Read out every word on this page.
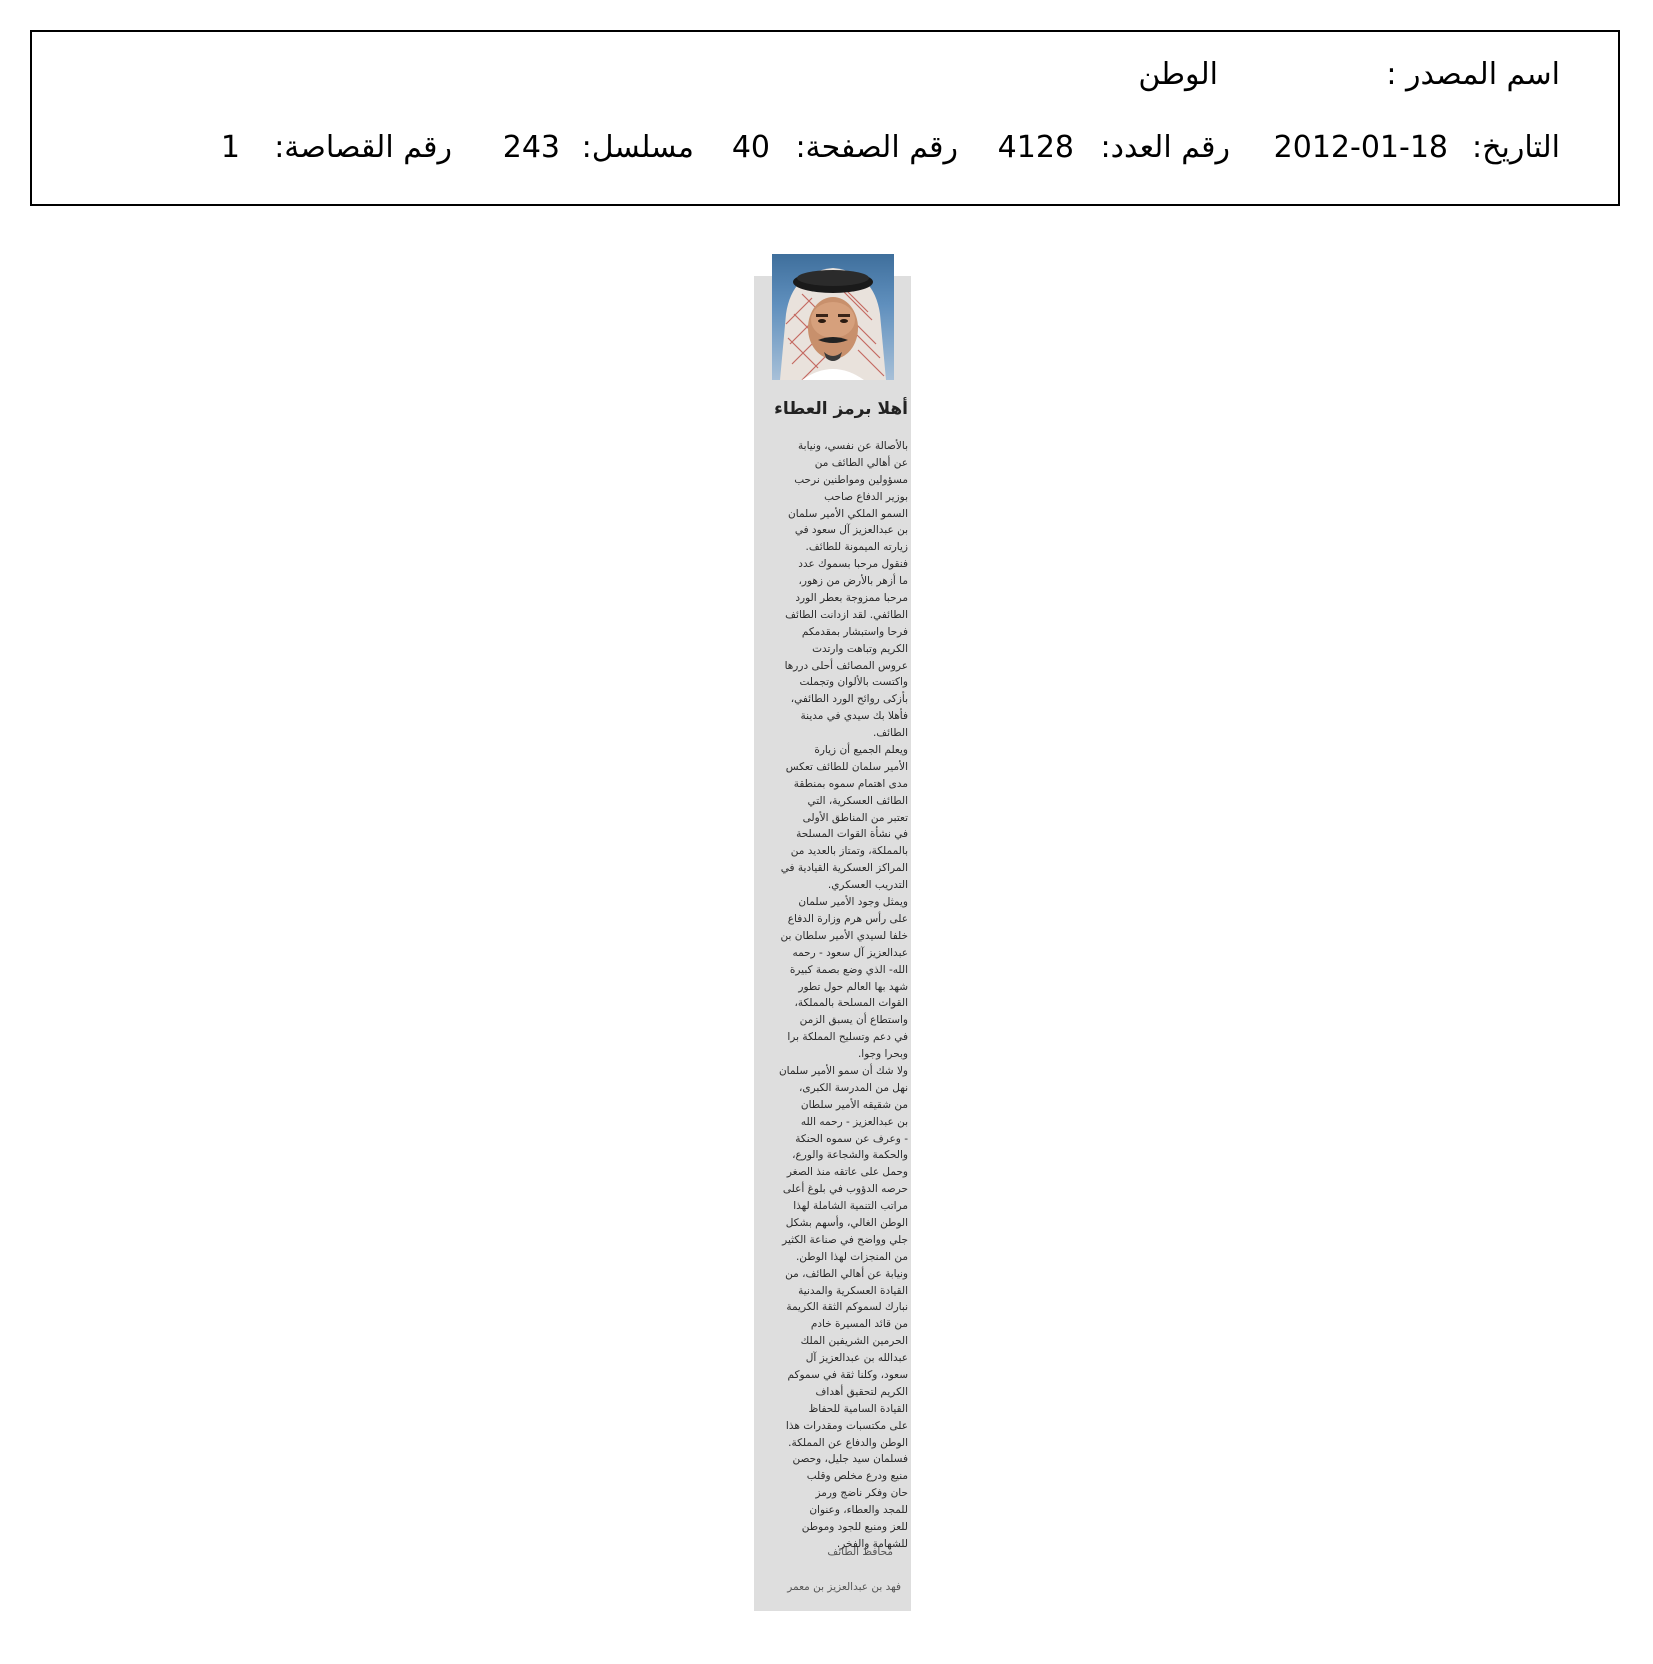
اسم المصدر :
الوطن
التاريخ:
2012-01-18
رقم العدد:
4128
رقم الصفحة:
40
مسلسل:
243
رقم القصاصة:
1
أهلا برمز العطاء
بالأصالة عن نفسي، ونيابة
عن أهالي الطائف من
مسؤولين ومواطنين نرحب
بوزير الدفاع صاحب
السمو الملكي الأمير سلمان
بن عبدالعزيز آل سعود في
زيارته الميمونة للطائف.
فنقول مرحبا بسموك عدد
ما أزهر بالأرض من زهور،
مرحبا ممزوجة بعطر الورد
الطائفي. لقد ازدانت الطائف
فرحا واستبشار بمقدمكم
الكريم وتباهت وارتدت
عروس المصائف أحلى دررها
واكتست بالألوان وتجملت
بأزكى روائح الورد الطائفي،
فأهلا بك سيدي في مدينة
الطائف.
ويعلم الجميع أن زيارة
الأمير سلمان للطائف تعكس
مدى اهتمام سموه بمنطقة
الطائف العسكرية، التي
تعتبر من المناطق الأولى
في نشأة القوات المسلحة
بالمملكة، وتمتاز بالعديد من
المراكز العسكرية القيادية في
التدريب العسكري.
ويمثل وجود الأمير سلمان
على رأس هرم وزارة الدفاع
خلفا لسيدي الأمير سلطان بن
عبدالعزيز آل سعود - رحمه
الله- الذي وضع بصمة كبيرة
شهد بها العالم حول تطور
القوات المسلحة بالمملكة،
واستطاع أن يسبق الزمن
في دعم وتسليح المملكة برا
وبحرا وجوا.
ولا شك أن سمو الأمير سلمان
نهل من المدرسة الكبرى،
من شقيقه الأمير سلطان
بن عبدالعزيز - رحمه الله
- وعرف عن سموه الحنكة
والحكمة والشجاعة والورع،
وحمل على عاتقه منذ الصغر
حرصه الدؤوب في بلوغ أعلى
مراتب التنمية الشاملة لهذا
الوطن الغالي، وأسهم بشكل
جلي وواضح في صناعة الكثير
من المنجزات لهذا الوطن.
ونيابة عن أهالي الطائف، من
القيادة العسكرية والمدنية
نبارك لسموكم الثقة الكريمة
من قائد المسيرة خادم
الحرمين الشريفين الملك
عبدالله بن عبدالعزيز آل
سعود، وكلنا ثقة في سموكم
الكريم لتحقيق أهداف
القيادة السامية للحفاظ
على مكتسبات ومقدرات هذا
الوطن والدفاع عن المملكة.
فسلمان سيد جليل، وحصن
منيع ودرع مخلص وقلب
حان وفكر ناضج ورمز
للمجد والعطاء، وعنوان
للعز ومنبع للجود وموطن
للشهامة والفخر.
محافظ الطائف
فهد بن عبدالعزيز بن معمر
